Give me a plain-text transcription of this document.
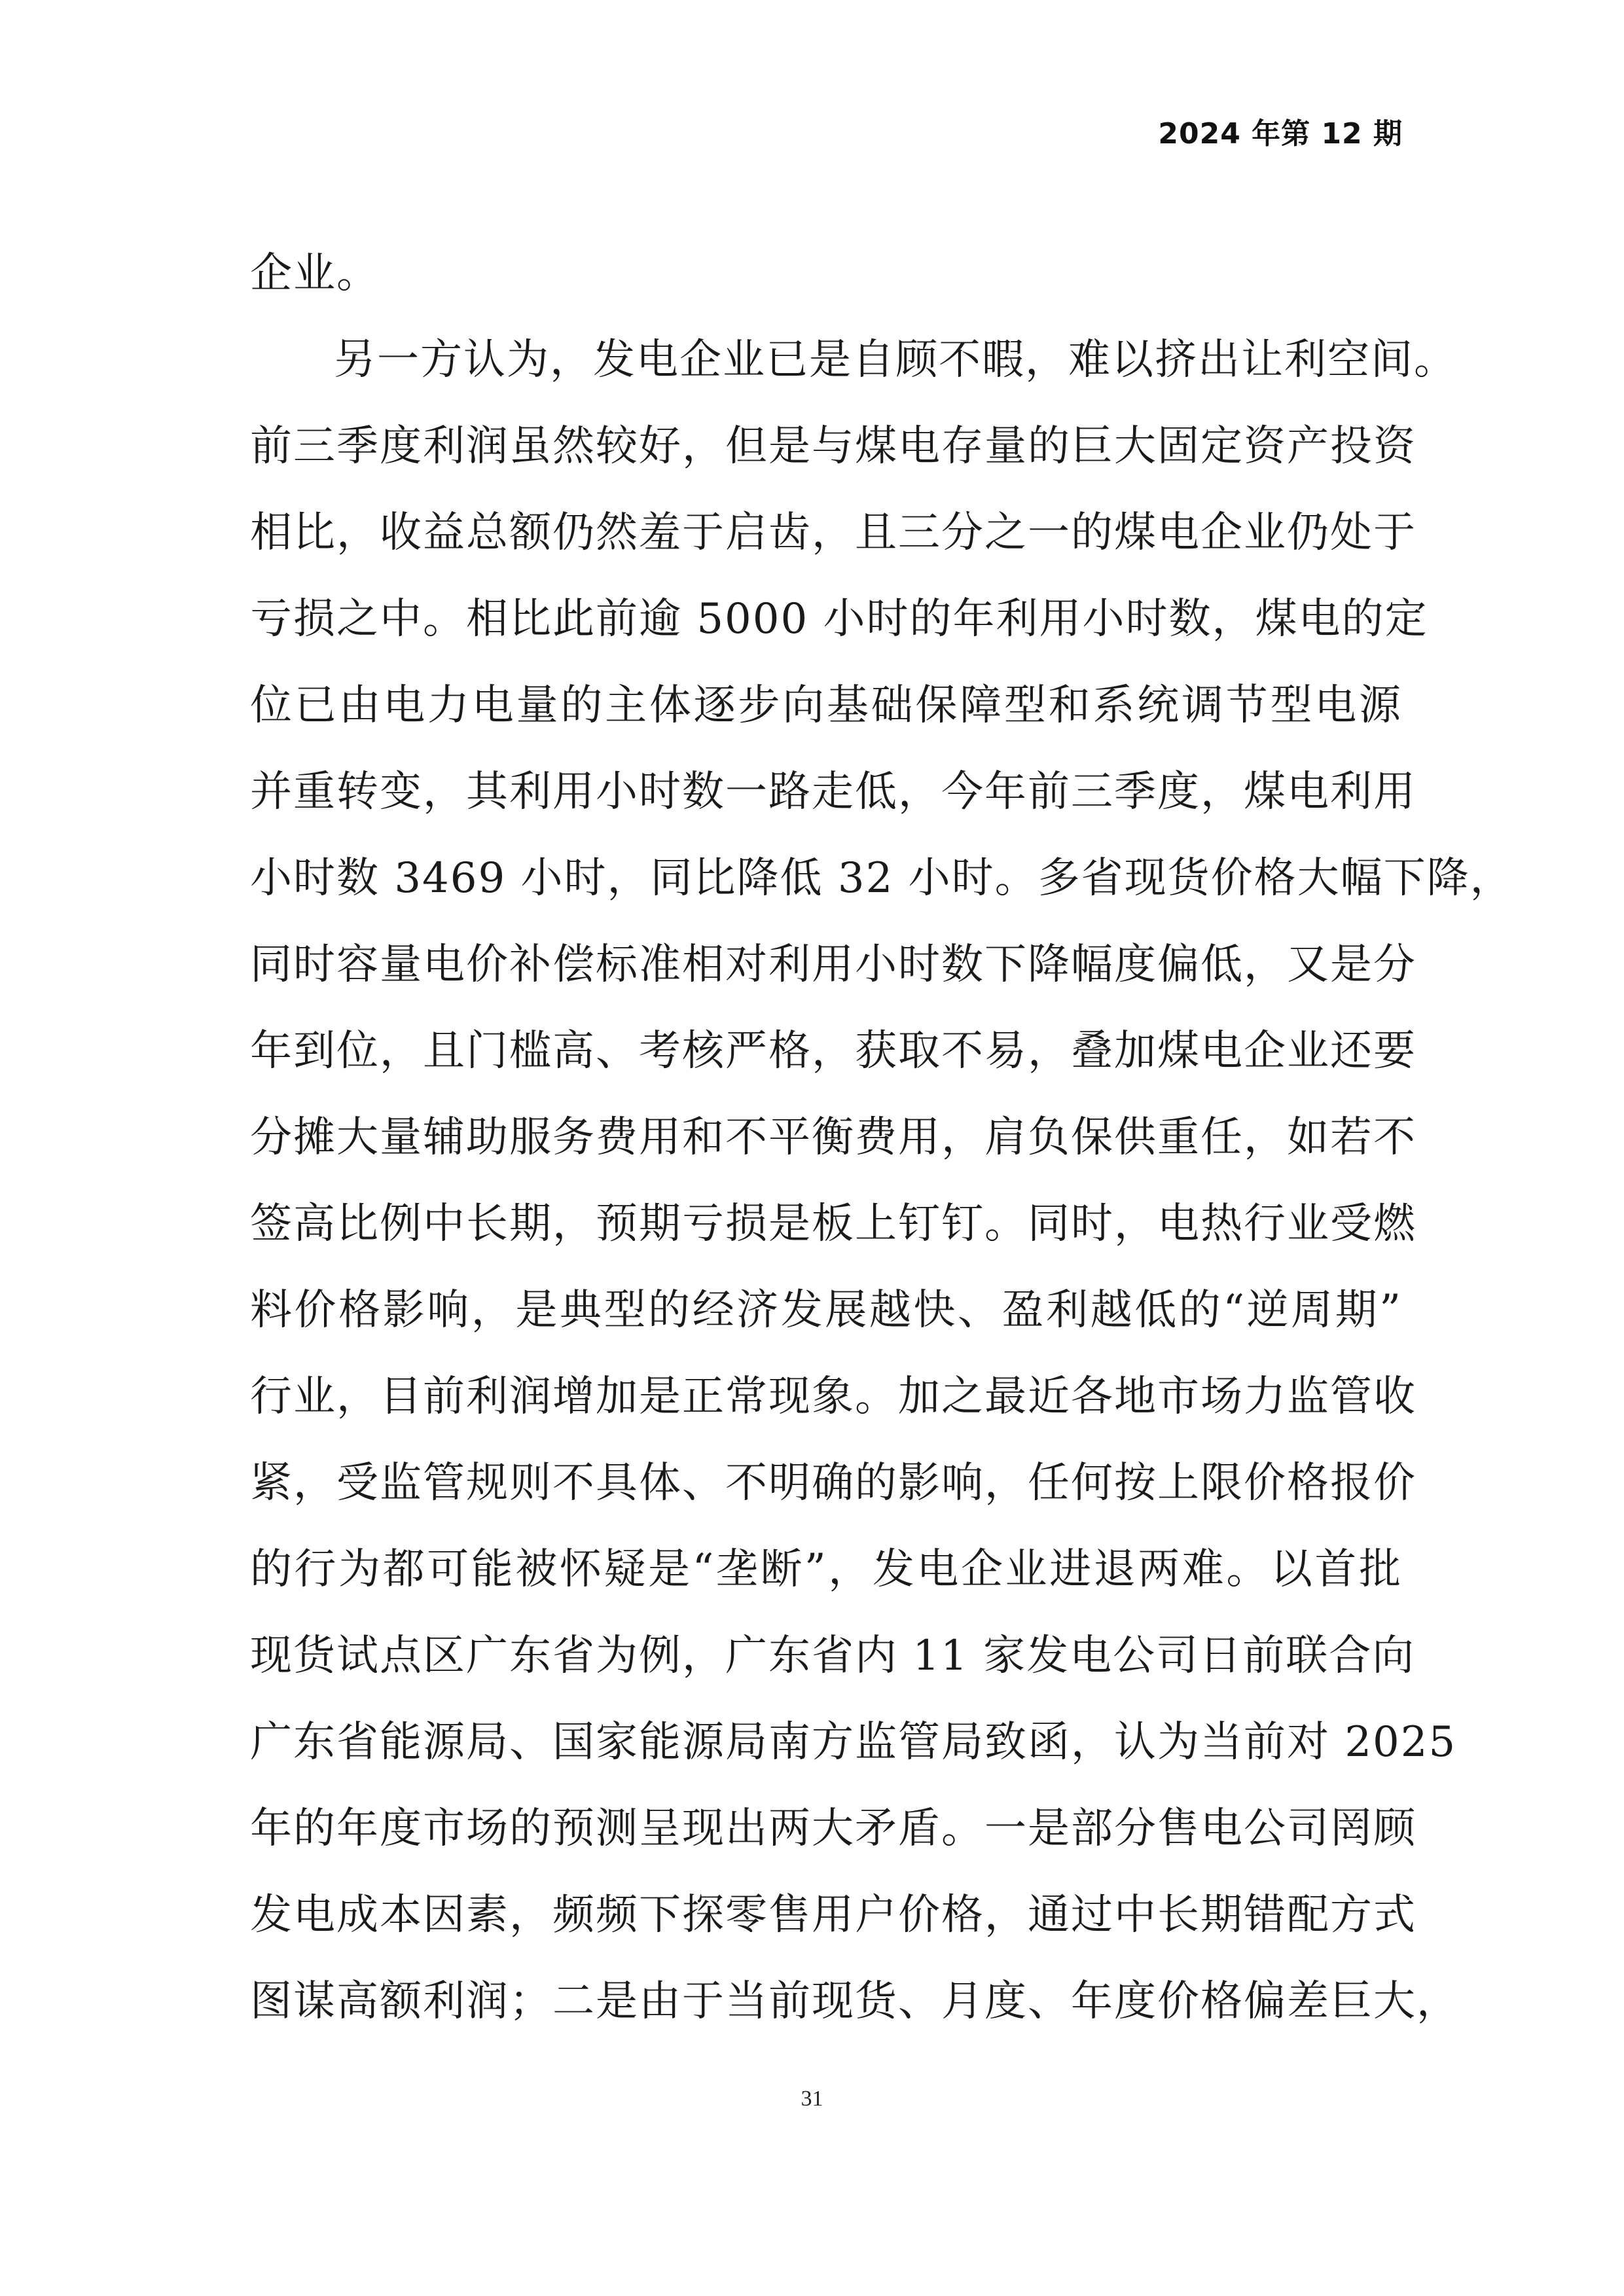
2024 年第 12 期
企业。
另一方认为，发电企业已是自顾不暇，难以挤出让利空间。
前三季度利润虽然较好，但是与煤电存量的巨大固定资产投资
相比，收益总额仍然羞于启齿，且三分之一的煤电企业仍处于
亏损之中。相比此前逾 5000 小时的年利用小时数，煤电的定
位已由电力电量的主体逐步向基础保障型和系统调节型电源
并重转变，其利用小时数一路走低，今年前三季度，煤电利用
小时数 3469 小时，同比降低 32 小时。多省现货价格大幅下降，
同时容量电价补偿标准相对利用小时数下降幅度偏低，又是分
年到位，且门槛高、考核严格，获取不易，叠加煤电企业还要
分摊大量辅助服务费用和不平衡费用，肩负保供重任，如若不
签高比例中长期，预期亏损是板上钉钉。同时，电热行业受燃
料价格影响，是典型的经济发展越快、盈利越低的“逆周期”
行业，目前利润增加是正常现象。加之最近各地市场力监管收
紧，受监管规则不具体、不明确的影响，任何按上限价格报价
的行为都可能被怀疑是“垄断”，发电企业进退两难。以首批
现货试点区广东省为例，广东省内 11 家发电公司日前联合向
广东省能源局、国家能源局南方监管局致函，认为当前对 2025
年的年度市场的预测呈现出两大矛盾。一是部分售电公司罔顾
发电成本因素，频频下探零售用户价格，通过中长期错配方式
图谋高额利润；二是由于当前现货、月度、年度价格偏差巨大，
31
